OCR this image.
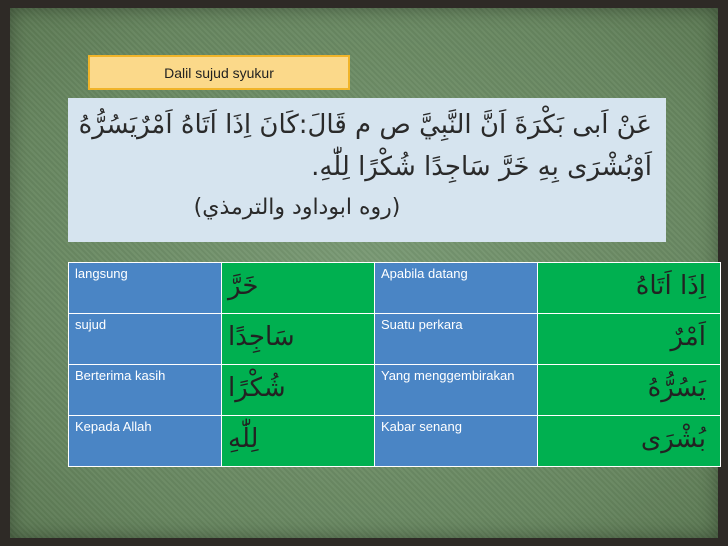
Dalil sujud syukur
عَنْ اَبى بَكْرَةَ اَنَّ النَّبِيَّ ص م قَالَ:كَانَ اِذَا اَتَاهُ اَمْرٌيَسُرُّهُ
اَوْبُشْرَى بِهِ خَرَّ سَاجِدًا شُكْرًا لِلّٰهِ.
(روه ابوداود والترمذي)
langsung	خَرَّ	Apabila datang	اِذَا اَتَاهُ
sujud	سَاجِدًا	Suatu perkara	اَمْرٌ
Berterima kasih	شُكْرًا	Yang menggembirakan	يَسُرُّهُ
Kepada Allah	لِلّٰهِ	Kabar senang	بُشْرَى
